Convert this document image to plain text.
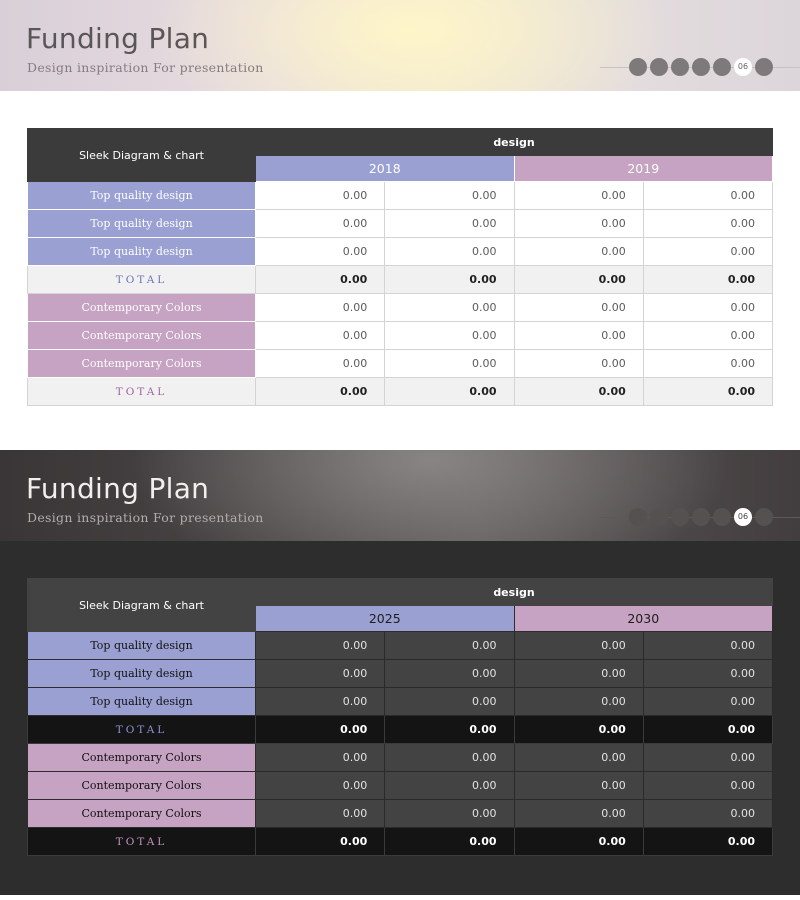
Funding Plan
Design inspiration For presentation	06
Sleek Diagram & chart	design			
	2018		2019	
Top quality design	0.00	0.00	0.00	0.00
Top quality design	0.00	0.00	0.00	0.00
Top quality design	0.00	0.00	0.00	0.00
TOTAL	0.00	0.00	0.00	0.00
Contemporary Colors	0.00	0.00	0.00	0.00
Contemporary Colors	0.00	0.00	0.00	0.00
Contemporary Colors	0.00	0.00	0.00	0.00
TOTAL	0.00	0.00	0.00	0.00
Funding Plan
Design inspiration For presentation	06
Sleek Diagram & chart	design			
	2025		2030	
Top quality design	0.00	0.00	0.00	0.00
Top quality design	0.00	0.00	0.00	0.00
Top quality design	0.00	0.00	0.00	0.00
TOTAL	0.00	0.00	0.00	0.00
Contemporary Colors	0.00	0.00	0.00	0.00
Contemporary Colors	0.00	0.00	0.00	0.00
Contemporary Colors	0.00	0.00	0.00	0.00
TOTAL	0.00	0.00	0.00	0.00
